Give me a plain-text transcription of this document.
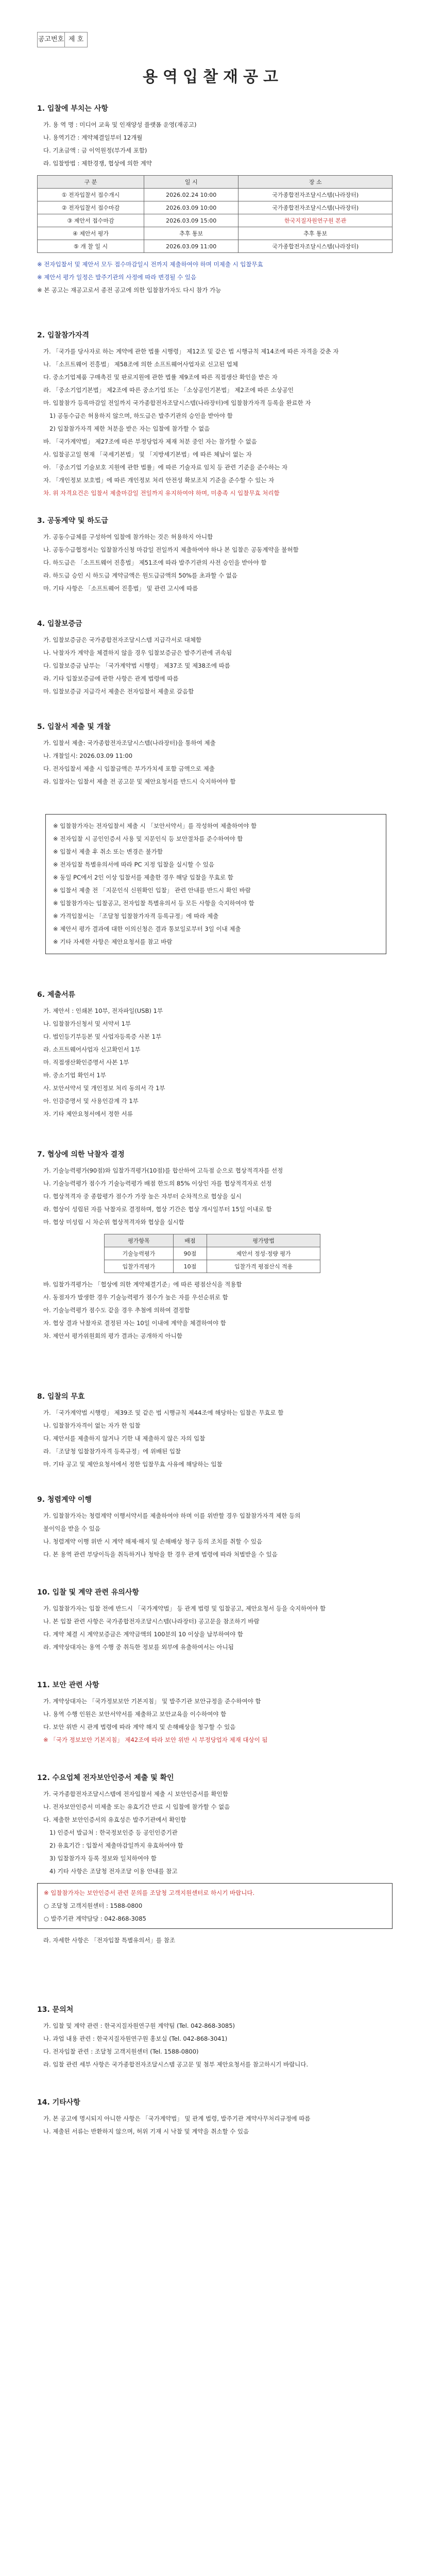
공고번호 제 호
용역입찰재공고
1. 입찰에 부치는 사항
가. 용 역 명 : 미디어 교육 및 인재양성 플랫폼 운영(재공고)
나. 용역기간 : 계약체결일부터 12개월
다. 기초금액 : 금 이억원정(부가세 포함)
라. 입찰방법 : 제한경쟁, 협상에 의한 계약
구 분	일 시	장 소
① 전자입찰서 접수개시	2026.02.24 10:00	국가종합전자조달시스템(나라장터)
② 전자입찰서 접수마감	2026.03.09 10:00	국가종합전자조달시스템(나라장터)
③ 제안서 접수마감	2026.03.09 15:00	한국지질자원연구원 본관
④ 제안서 평가	추후 통보	추후 통보
⑤ 개 찰 일 시	2026.03.09 11:00	국가종합전자조달시스템(나라장터)
※ 전자입찰서 및 제안서 모두 접수마감일시 전까지 제출하여야 하며 미제출 시 입찰무효
※ 제안서 평가 일정은 발주기관의 사정에 따라 변경될 수 있음
※ 본 공고는 재공고로서 종전 공고에 의한 입찰참가자도 다시 참가 가능
2. 입찰참가자격
가. 「국가를 당사자로 하는 계약에 관한 법률 시행령」 제12조 및 같은 법 시행규칙 제14조에 따른 자격을 갖춘 자
나. 「소프트웨어 진흥법」 제58조에 의한 소프트웨어사업자로 신고된 업체
다. 중소기업제품 구매촉진 및 판로지원에 관한 법률 제9조에 따른 직접생산 확인을 받은 자
라. 「중소기업기본법」 제2조에 따른 중소기업 또는 「소상공인기본법」 제2조에 따른 소상공인
마. 입찰참가 등록마감일 전일까지 국가종합전자조달시스템(나라장터)에 입찰참가자격 등록을 완료한 자
1) 공동수급은 허용하지 않으며, 하도급은 발주기관의 승인을 받아야 함
2) 입찰참가자격 제한 처분을 받은 자는 입찰에 참가할 수 없음
바. 「국가계약법」 제27조에 따른 부정당업자 제재 처분 중인 자는 참가할 수 없음
사. 입찰공고일 현재 「국세기본법」 및 「지방세기본법」에 따른 체납이 없는 자
아. 「중소기업 기술보호 지원에 관한 법률」에 따른 기술자료 임치 등 관련 기준을 준수하는 자
자. 「개인정보 보호법」에 따른 개인정보 처리 안전성 확보조치 기준을 준수할 수 있는 자
차. 위 자격요건은 입찰서 제출마감일 전일까지 유지하여야 하며, 미충족 시 입찰무효 처리함
3. 공동계약 및 하도급
가. 공동수급체를 구성하여 입찰에 참가하는 것은 허용하지 아니함
나. 공동수급협정서는 입찰참가신청 마감일 전일까지 제출하여야 하나 본 입찰은 공동계약을 불허함
다. 하도급은 「소프트웨어 진흥법」 제51조에 따라 발주기관의 사전 승인을 받아야 함
라. 하도급 승인 시 하도급 계약금액은 원도급금액의 50%를 초과할 수 없음
마. 기타 사항은 「소프트웨어 진흥법」 및 관련 고시에 따름
4. 입찰보증금
가. 입찰보증금은 국가종합전자조달시스템 지급각서로 대체함
나. 낙찰자가 계약을 체결하지 않을 경우 입찰보증금은 발주기관에 귀속됨
다. 입찰보증금 납부는 「국가계약법 시행령」 제37조 및 제38조에 따름
라. 기타 입찰보증금에 관한 사항은 관계 법령에 따름
마. 입찰보증금 지급각서 제출은 전자입찰서 제출로 갈음함
5. 입찰서 제출 및 개찰
가. 입찰서 제출: 국가종합전자조달시스템(나라장터)을 통하여 제출
나. 개찰일시: 2026.03.09 11:00
다. 전자입찰서 제출 시 입찰금액은 부가가치세 포함 금액으로 제출
라. 입찰자는 입찰서 제출 전 공고문 및 제안요청서를 반드시 숙지하여야 함
※ 입찰참가자는 전자입찰서 제출 시 「보안서약서」를 작성하여 제출하여야 함
※ 전자입찰 시 공인인증서 사용 및 지문인식 등 보안절차를 준수하여야 함
※ 입찰서 제출 후 취소 또는 변경은 불가함
※ 전자입찰 특별유의서에 따라 PC 지정 입찰을 실시할 수 있음
※ 동일 PC에서 2인 이상 입찰서를 제출한 경우 해당 입찰을 무효로 함
※ 입찰서 제출 전 「지문인식 신원확인 입찰」 관련 안내를 반드시 확인 바람
※ 입찰참가자는 입찰공고, 전자입찰 특별유의서 등 모든 사항을 숙지하여야 함
※ 가격입찰서는 「조달청 입찰참가자격 등록규정」에 따라 제출
※ 제안서 평가 결과에 대한 이의신청은 결과 통보일로부터 3일 이내 제출
※ 기타 자세한 사항은 제안요청서를 참고 바람
6. 제출서류
가. 제안서 : 인쇄본 10부, 전자파일(USB) 1부
나. 입찰참가신청서 및 서약서 1부
다. 법인등기부등본 및 사업자등록증 사본 1부
라. 소프트웨어사업자 신고확인서 1부
마. 직접생산확인증명서 사본 1부
바. 중소기업 확인서 1부
사. 보안서약서 및 개인정보 처리 동의서 각 1부
아. 인감증명서 및 사용인감계 각 1부
자. 기타 제안요청서에서 정한 서류
7. 협상에 의한 낙찰자 결정
가. 기술능력평가(90점)와 입찰가격평가(10점)를 합산하여 고득점 순으로 협상적격자를 선정
나. 기술능력평가 점수가 기술능력평가 배점 한도의 85% 이상인 자를 협상적격자로 선정
다. 협상적격자 중 종합평가 점수가 가장 높은 자부터 순차적으로 협상을 실시
라. 협상이 성립된 자를 낙찰자로 결정하며, 협상 기간은 협상 개시일부터 15일 이내로 함
마. 협상 미성립 시 차순위 협상적격자와 협상을 실시함
평가항목	배점	평가방법
기술능력평가	90점	제안서 정성·정량 평가
입찰가격평가	10점	입찰가격 평점산식 적용
바. 입찰가격평가는 「협상에 의한 계약체결기준」에 따른 평점산식을 적용함
사. 동점자가 발생한 경우 기술능력평가 점수가 높은 자를 우선순위로 함
아. 기술능력평가 점수도 같을 경우 추첨에 의하여 결정함
자. 협상 결과 낙찰자로 결정된 자는 10일 이내에 계약을 체결하여야 함
차. 제안서 평가위원회의 평가 결과는 공개하지 아니함
8. 입찰의 무효
가. 「국가계약법 시행령」 제39조 및 같은 법 시행규칙 제44조에 해당하는 입찰은 무효로 함
나. 입찰참가자격이 없는 자가 한 입찰
다. 제안서를 제출하지 않거나 기한 내 제출하지 않은 자의 입찰
라. 「조달청 입찰참가자격 등록규정」에 위배된 입찰
마. 기타 공고 및 제안요청서에서 정한 입찰무효 사유에 해당하는 입찰
9. 청렴계약 이행
가. 입찰참가자는 청렴계약 이행서약서를 제출하여야 하며 이를 위반할 경우 입찰참가자격 제한 등의
불이익을 받을 수 있음
나. 청렴계약 이행 위반 시 계약 해제·해지 및 손해배상 청구 등의 조치를 취할 수 있음
다. 본 용역 관련 부당이득을 취득하거나 청탁을 한 경우 관계 법령에 따라 처벌받을 수 있음
10. 입찰 및 계약 관련 유의사항
가. 입찰참가자는 입찰 전에 반드시 「국가계약법」 등 관계 법령 및 입찰공고, 제안요청서 등을 숙지하여야 함
나. 본 입찰 관련 사항은 국가종합전자조달시스템(나라장터) 공고문을 참조하기 바람
다. 계약 체결 시 계약보증금은 계약금액의 100분의 10 이상을 납부하여야 함
라. 계약상대자는 용역 수행 중 취득한 정보를 외부에 유출하여서는 아니됨
11. 보안 관련 사항
가. 계약상대자는 「국가정보보안 기본지침」 및 발주기관 보안규정을 준수하여야 함
나. 용역 수행 인원은 보안서약서를 제출하고 보안교육을 이수하여야 함
다. 보안 위반 시 관계 법령에 따라 계약 해지 및 손해배상을 청구할 수 있음
※ 「국가 정보보안 기본지침」 제42조에 따라 보안 위반 시 부정당업자 제재 대상이 됨
12. 수요업체 전자보안인증서 제출 및 확인
가. 국가종합전자조달시스템에 전자입찰서 제출 시 보안인증서를 확인함
나. 전자보안인증서 미제출 또는 유효기간 만료 시 입찰에 참가할 수 없음
다. 제출한 보안인증서의 유효성은 발주기관에서 확인함
1) 인증서 발급처 : 한국정보인증 등 공인인증기관
2) 유효기간 : 입찰서 제출마감일까지 유효하여야 함
3) 입찰참가자 등록 정보와 일치하여야 함
4) 기타 사항은 조달청 전자조달 이용 안내를 참고
※ 입찰참가자는 보안인증서 관련 문의를 조달청 고객지원센터로 하시기 바랍니다.
○ 조달청 고객지원센터 : 1588-0800
○ 발주기관 계약담당 : 042-868-3085
라. 자세한 사항은 「전자입찰 특별유의서」를 참조
13. 문의처
가. 입찰 및 계약 관련 : 한국지질자원연구원 계약팀 (Tel. 042-868-3085)
나. 과업 내용 관련 : 한국지질자원연구원 홍보실 (Tel. 042-868-3041)
다. 전자입찰 관련 : 조달청 고객지원센터 (Tel. 1588-0800)
라. 입찰 관련 세부 사항은 국가종합전자조달시스템 공고문 및 첨부 제안요청서를 참고하시기 바랍니다.
14. 기타사항
가. 본 공고에 명시되지 아니한 사항은 「국가계약법」 및 관계 법령, 발주기관 계약사무처리규정에 따름
나. 제출된 서류는 반환하지 않으며, 허위 기재 시 낙찰 및 계약을 취소할 수 있음
